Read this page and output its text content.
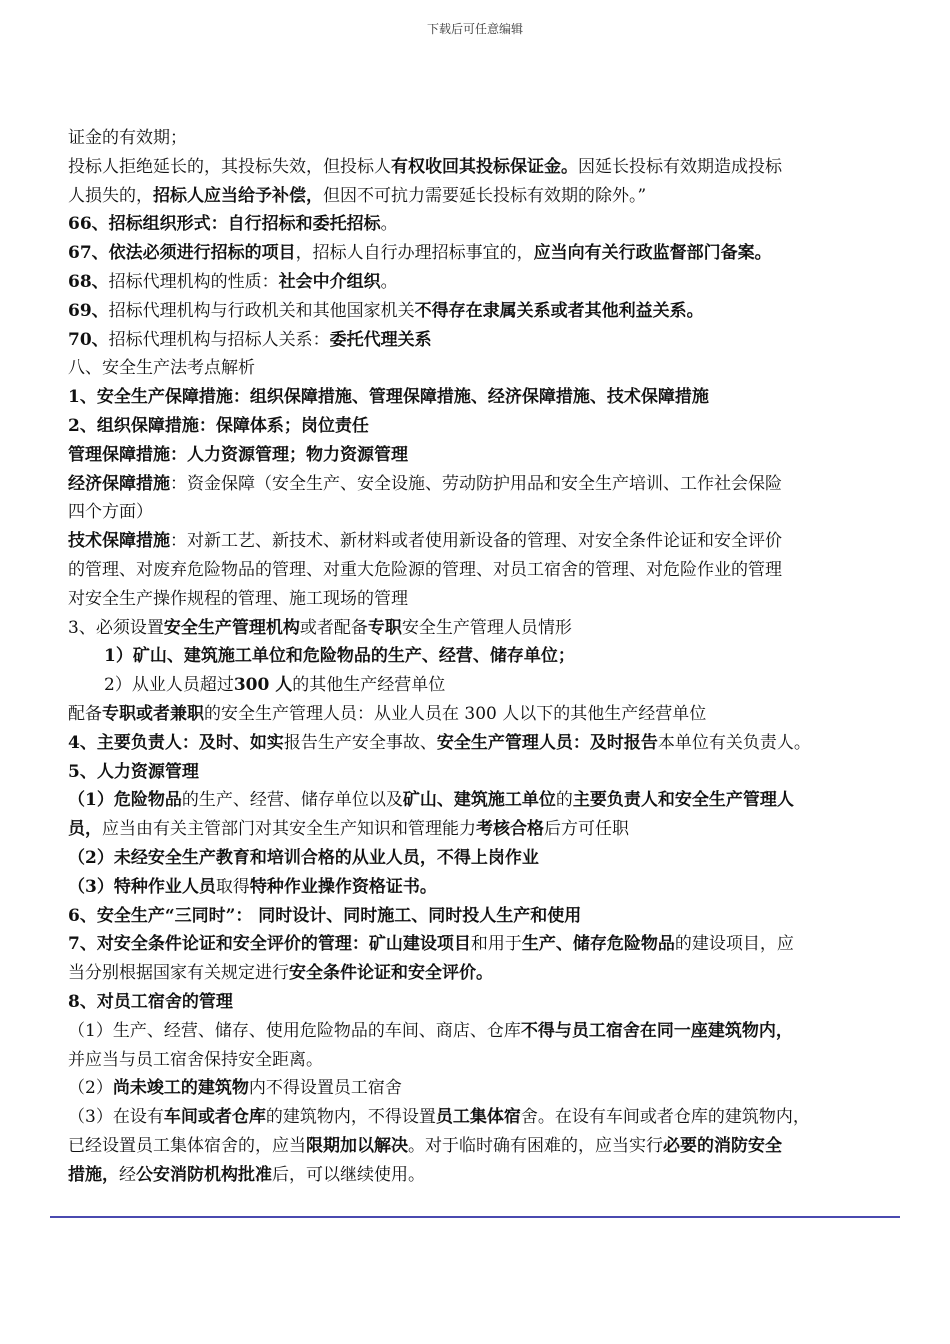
下载后可任意编辑
证金的有效期；
投标人拒绝延长的，其投标失效，但投标人有权收回其投标保证金。因延长投标有效期造成投标
人损失的，招标人应当给予补偿，但因不可抗力需要延长投标有效期的除外。”
66、招标组织形式：自行招标和委托招标。
67、依法必须进行招标的项目，招标人自行办理招标事宜的，应当向有关行政监督部门备案。
68、招标代理机构的性质：社会中介组织。
69、招标代理机构与行政机关和其他国家机关不得存在隶属关系或者其他利益关系。
70、招标代理机构与招标人关系：委托代理关系
八、安全生产法考点解析
1、安全生产保障措施：组织保障措施、管理保障措施、经济保障措施、技术保障措施
2、组织保障措施：保障体系；岗位责任
管理保障措施：人力资源管理；物力资源管理
经济保障措施：资金保障（安全生产、安全设施、劳动防护用品和安全生产培训、工作社会保险
四个方面）
技术保障措施：对新工艺、新技术、新材料或者使用新设备的管理、对安全条件论证和安全评价
的管理、对废弃危险物品的管理、对重大危险源的管理、对员工宿舍的管理、对危险作业的管理
对安全生产操作规程的管理、施工现场的管理
3、必须设置安全生产管理机构或者配备专职安全生产管理人员情形
1）矿山、建筑施工单位和危险物品的生产、经营、储存单位；
2）从业人员超过300 人的其他生产经营单位
配备专职或者兼职的安全生产管理人员：从业人员在 300 人以下的其他生产经营单位
4、主要负责人：及时、如实报告生产安全事故、安全生产管理人员：及时报告本单位有关负责人。
5、人力资源管理
（1）危险物品的生产、经营、储存单位以及矿山、建筑施工单位的主要负责人和安全生产管理人
员，应当由有关主管部门对其安全生产知识和管理能力考核合格后方可任职
（2）未经安全生产教育和培训合格的从业人员，不得上岗作业
（3）特种作业人员取得特种作业操作资格证书。
6、安全生产“三同时”： 同时设计、同时施工、同时投人生产和使用
7、对安全条件论证和安全评价的管理：矿山建设项目和用于生产、储存危险物品的建设项目，应
当分别根据国家有关规定进行安全条件论证和安全评价。
8、对员工宿舍的管理
（1）生产、经营、储存、使用危险物品的车间、商店、仓库不得与员工宿舍在同一座建筑物内，
并应当与员工宿舍保持安全距离。
（2）尚未竣工的建筑物内不得设置员工宿舍
（3）在设有车间或者仓库的建筑物内，不得设置员工集体宿舍。在设有车间或者仓库的建筑物内，
已经设置员工集体宿舍的，应当限期加以解决。对于临时确有困难的，应当实行必要的消防安全
措施，经公安消防机构批准后，可以继续使用。
